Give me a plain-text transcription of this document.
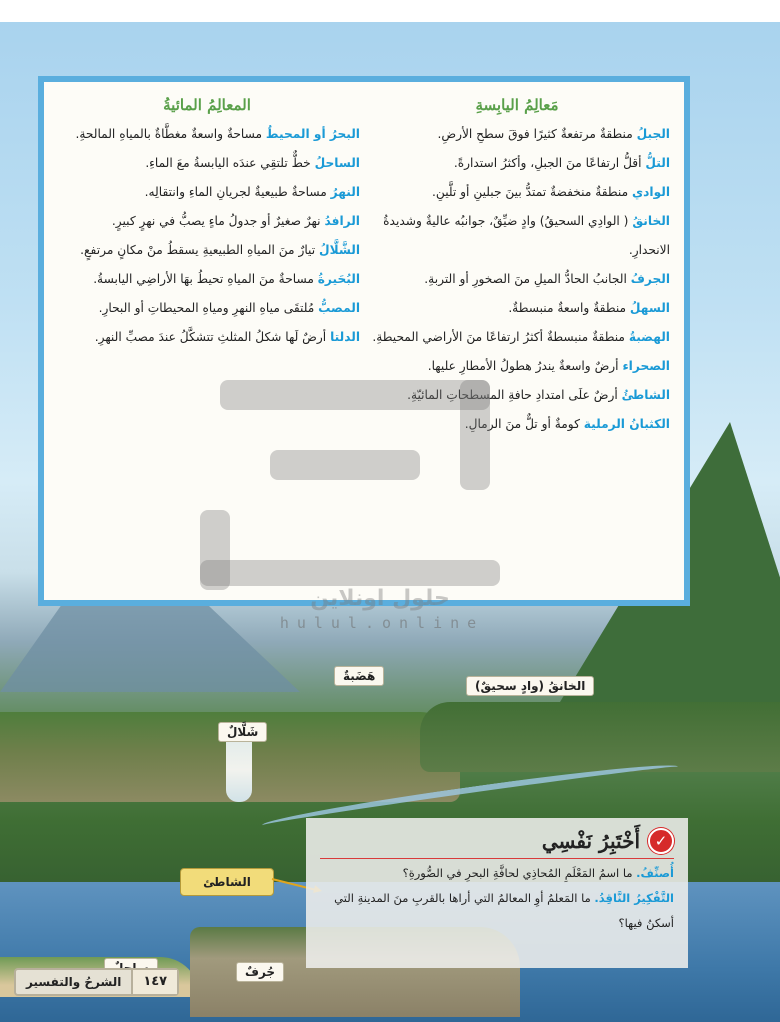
مَعالِمُ اليابِسةِ

الجبلُ منطقةٌ مرتفعةٌ كثيرًا فوقَ سطحِ الأرضِ.

التلُّ أقلُّ ارتفاعًا منَ الجبلِ، وأكثرُ استدارةً.

الوادي منطقةٌ منخفضةٌ تمتدُّ بينَ جبلينِ أو تلَّينِ.

الخانقُ ( الوادِي السحيقُ) وادٍ ضيِّقٌ، جوانبُه عاليةٌ وشديدةُ الانحدارِ.

الجرفُ الجانبُ الحادُّ الميلِ منَ الصخورِ أو التربةِ.

السهلُ منطقةٌ واسعةٌ منبسطةٌ.

الهضبةُ منطقةٌ منبسطةٌ أكثرُ ارتفاعًا منَ الأراضي المحيطةِ.

الصحراء أرضٌ واسعةٌ يندرُ هطولُ الأمطارِ عليها.

الشاطئُ أرضٌ علَى امتدادِ حافةِ المسطحاتِ المائيّةِ.

الكثبانُ الرملية كومةٌ أو تلٌّ منَ الرمالِ.

المعالِمُ المائيةُ

البحرُ أو المحيطُ مساحةٌ واسعةٌ مغطَّاةٌ بالمياهِ المالحةِ.

الساحلُ خطٌّ تلتقِي عندَه اليابسةُ معَ الماءِ.

النهرُ مساحةٌ طبيعيةٌ لجريانِ الماءِ وانتقالِه.

الرافدُ نهرٌ صغيرٌ أو جدولُ ماءٍ يصبُّ في نهرٍ كبيرٍ.

الشَّلَّالُ تيارٌ منَ المياهِ الطبيعيةِ يسقطُ منْ مكانٍ مرتفعٍ.

البُحَيرةُ مساحةٌ منَ المياهِ تحيطُ بهَا الأراضِي اليابسةُ.

المصبُّ مُلتقَى مياهِ النهرِ ومياهِ المحيطاتِ أو البحارِ.

الدلتا أرضٌ لَها شكلُ المثلثِ تتشكَّلُ عندَ مصبِّ النهرِ.

حلول اونلاين
hulul.online
هَضَبةٌ
الخانقُ (وادٍ سحيقٌ)
شَلَّالٌ
جُرفٌ
الشاطئ
✓
أَخْتَبِرُ نَفْسِي

أُصنِّفُ. ما اسمُ المَعْلَمِ المُحاذِي لحافَّةِ البحرِ في الصُّورةِ؟

التَّفْكِيرُ النَّاقِدُ. ما المَعلمُ أوِ المعالمُ التي أراها بالقربِ منَ المدينةِ التي أسكنُ فيها؟

١٤٧
الشرحُ والتفسير
